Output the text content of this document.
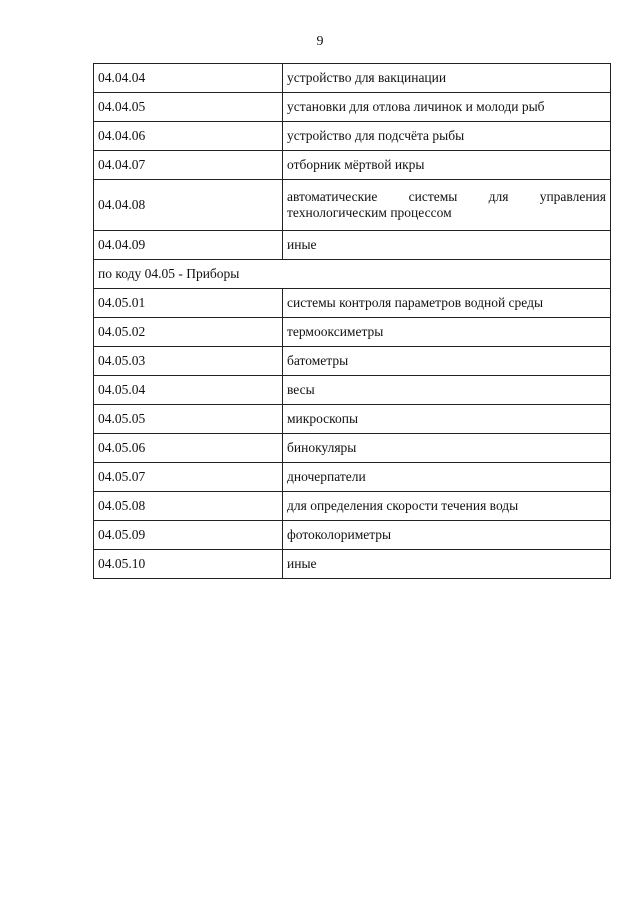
9
04.04.04	устройство для вакцинации
04.04.05	установки для отлова личинок и молоди рыб
04.04.06	устройство для подсчёта рыбы
04.04.07	отборник мёртвой икры
04.04.08	автоматические системы для управления технологическим процессом
04.04.09	иные
по коду 04.05 - Приборы	
04.05.01	системы контроля параметров водной среды
04.05.02	термооксиметры
04.05.03	батометры
04.05.04	весы
04.05.05	микроскопы
04.05.06	бинокуляры
04.05.07	дночерпатели
04.05.08	для определения скорости течения воды
04.05.09	фотоколориметры
04.05.10	иные
